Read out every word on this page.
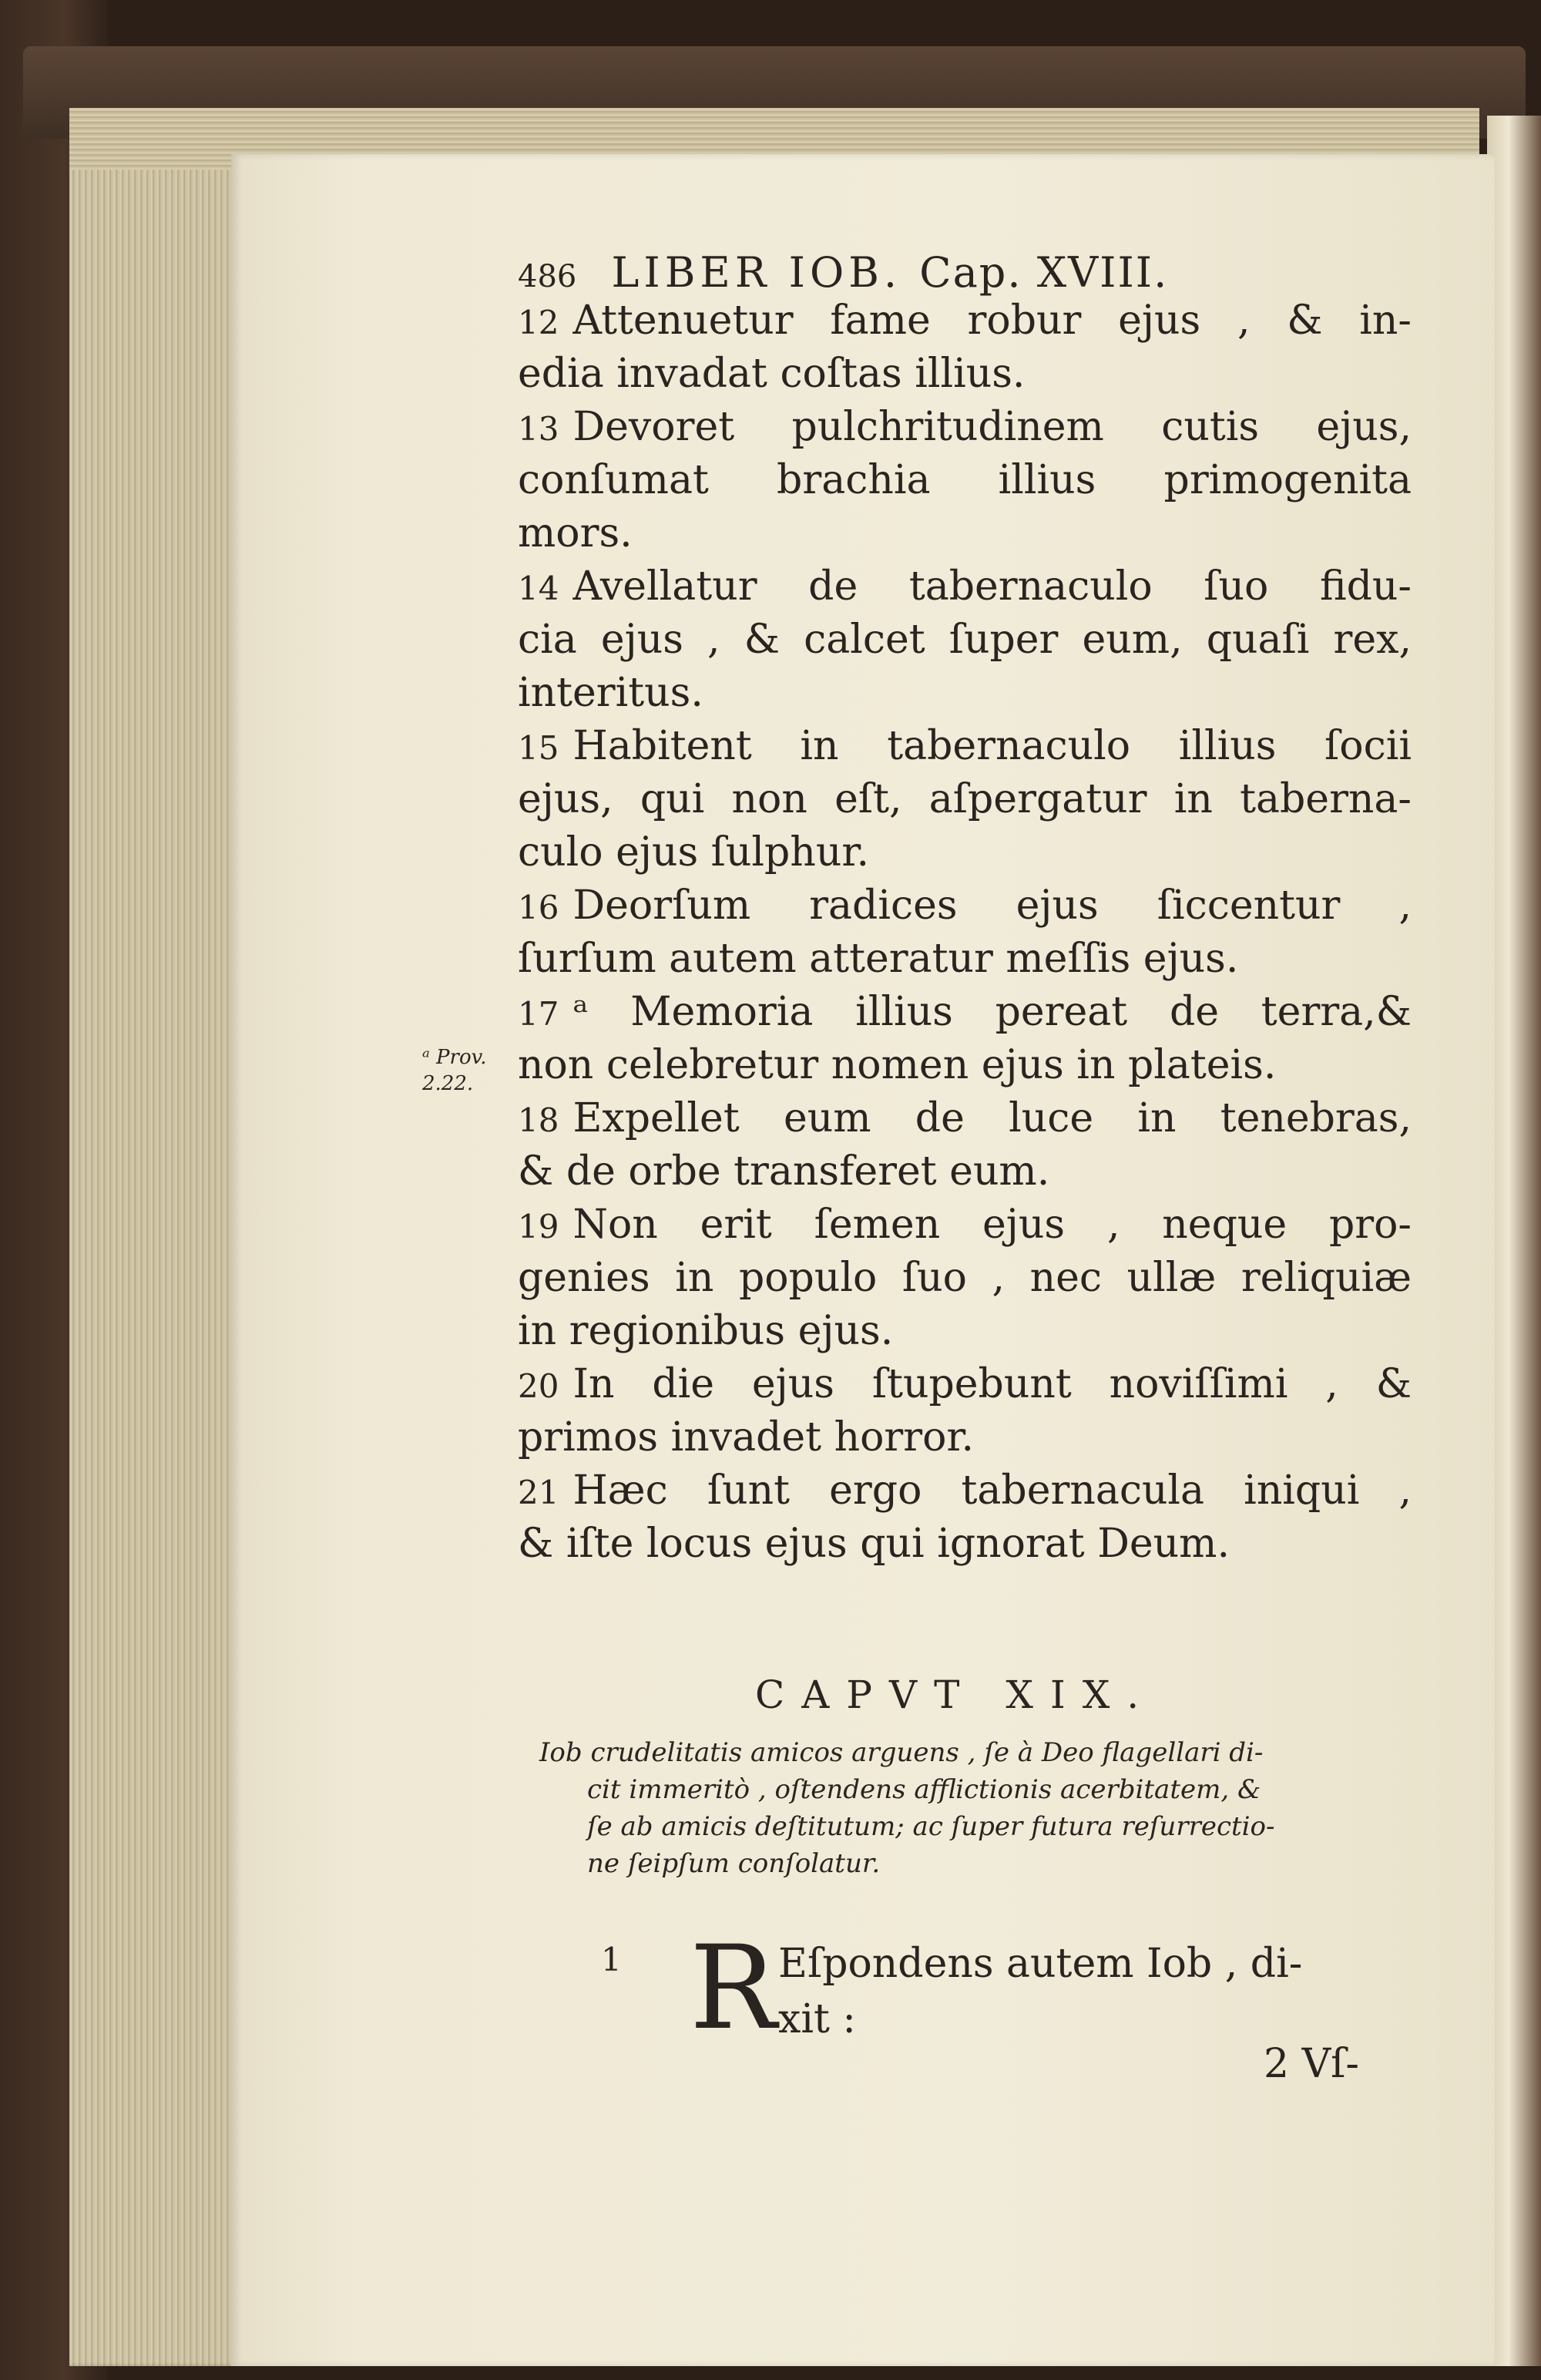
486 LIBER IOB. Cap. XVIII.
12 Attenuetur fame robur ejus , & in-
edia invadat coſtas illius.
13 Devoret pulchritudinem cutis ejus,
conſumat brachia illius primogenita
mors.
14 Avellatur de tabernaculo ſuo fidu-
cia ejus , & calcet ſuper eum, quaſi rex,
interitus.
15 Habitent in tabernaculo illius ſocii
ejus, qui non eſt, aſpergatur in taberna-
culo ejus ſulphur.
16 Deorſum radices ejus ſiccentur ,
ſurſum autem atteratur meſſis ejus.
17 ᵃ Memoria illius pereat de terra,&
non celebretur nomen ejus in plateis.
18 Expellet eum de luce in tenebras,
& de orbe transferet eum.
19 Non erit ſemen ejus , neque pro-
genies in populo ſuo , nec ullæ reliquiæ
in regionibus ejus.
20 In die ejus ſtupebunt noviſſimi , &
primos invadet horror.
21 Hæc ſunt ergo tabernacula iniqui ,
& iſte locus ejus qui ignorat Deum.
ᵃ Prov.
2.22.
CAPVT XIX.
Iob crudelitatis amicos arguens , ſe à Deo flagellari di-
cit immeritò , oſtendens afflictionis acerbitatem, &
ſe ab amicis deſtitutum; ac ſuper futura reſurrectio-
ne ſeipſum conſolatur.
1 R Eſpondens autem Iob , di-
xit :
2 Vſ-
